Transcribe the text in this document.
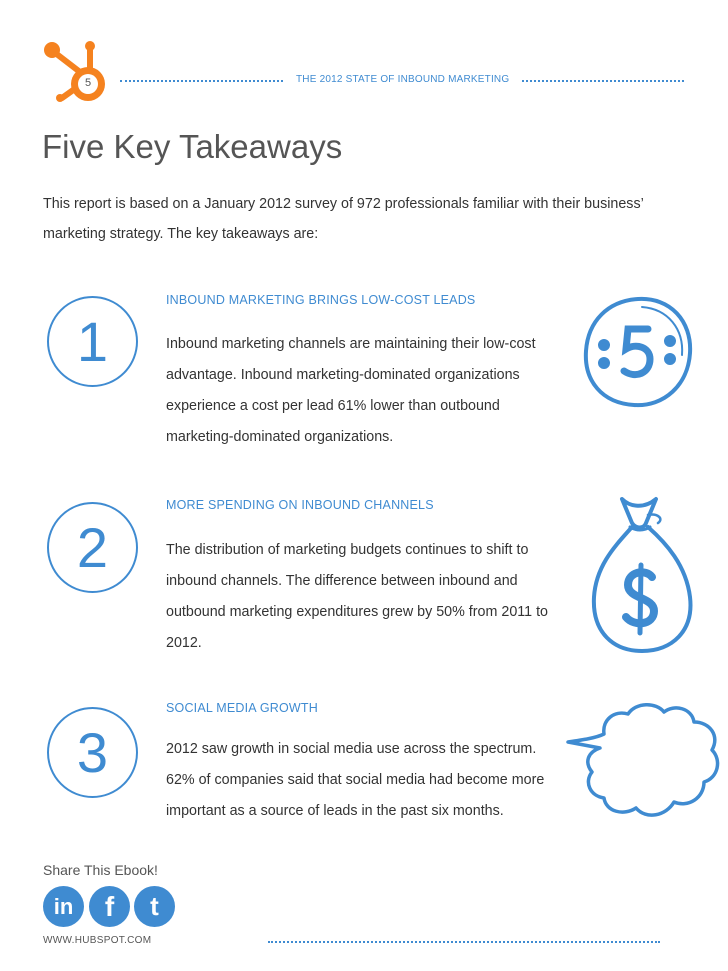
5	THE 2012 STATE OF INBOUND MARKETING
Five Key Takeaways
This report is based on a January 2012 survey of 972 professionals familiar with their business’ marketing strategy. The key takeaways are:
1
INBOUND MARKETING BRINGS LOW-COST LEADS
Inbound marketing channels are maintaining their low-cost advantage. Inbound marketing-dominated organizations experience a cost per lead 61% lower than outbound marketing-dominated organizations.
2
MORE SPENDING ON INBOUND CHANNELS
The distribution of marketing budgets continues to shift to inbound channels. The difference between inbound and outbound marketing expenditures grew by 50% from 2011 to 2012.
3
SOCIAL MEDIA GROWTH
2012 saw growth in social media use across the spectrum. 62% of companies said that social media had become more important as a source of leads in the past six months.
Share This Ebook!
in f t
WWW.HUBSPOT.COM
